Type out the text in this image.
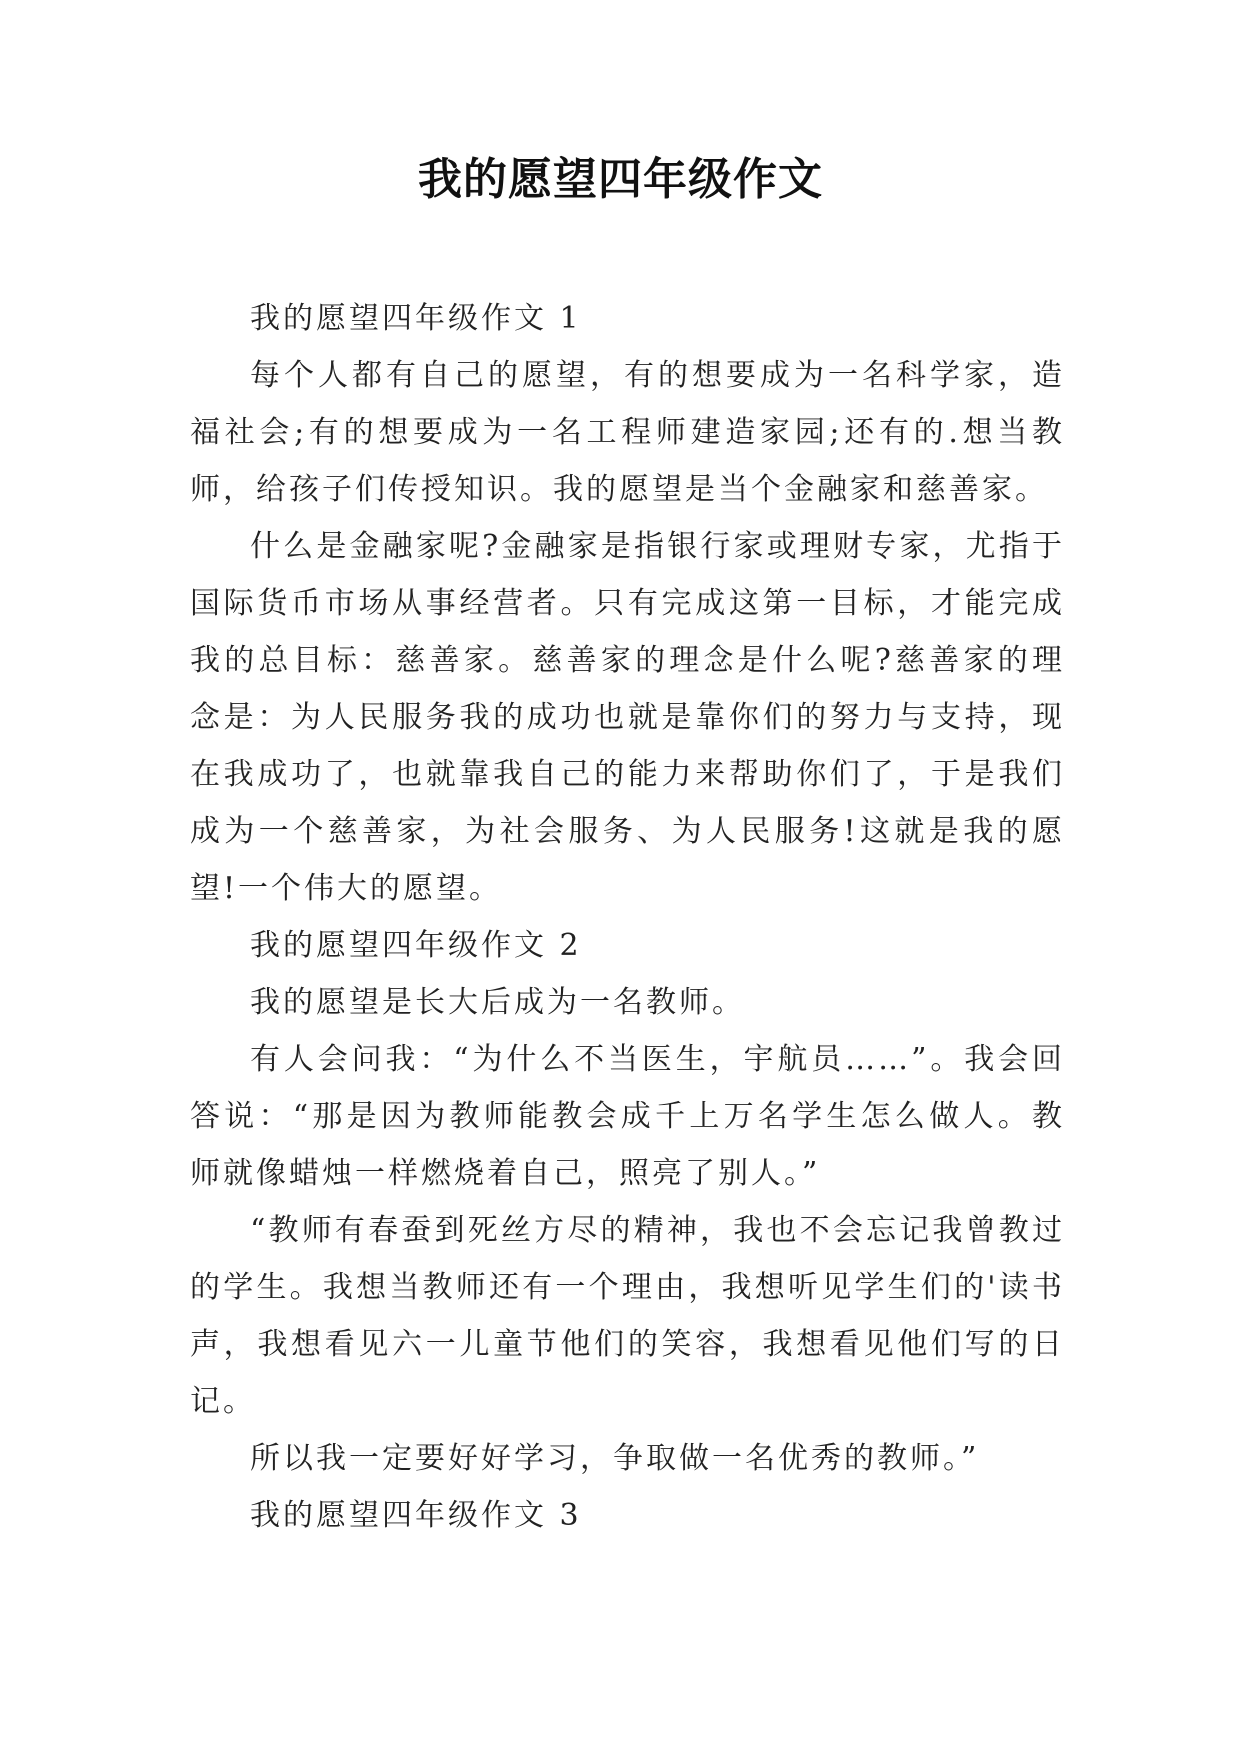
我的愿望四年级作文

我的愿望四年级作文 1

每个人都有自己的愿望，有的想要成为一名科学家，造福社会;有的想要成为一名工程师建造家园;还有的.想当教师，给孩子们传授知识。我的愿望是当个金融家和慈善家。

什么是金融家呢?金融家是指银行家或理财专家，尤指于国际货币市场从事经营者。只有完成这第一目标，才能完成我的总目标：慈善家。慈善家的理念是什么呢?慈善家的理念是：为人民服务我的成功也就是靠你们的努力与支持，现在我成功了，也就靠我自己的能力来帮助你们了，于是我们成为一个慈善家，为社会服务、为人民服务!这就是我的愿望!一个伟大的愿望。

我的愿望四年级作文 2

我的愿望是长大后成为一名教师。

有人会问我：“为什么不当医生，宇航员……”。我会回答说：“那是因为教师能教会成千上万名学生怎么做人。教师就像蜡烛一样燃烧着自己，照亮了别人。”

“教师有春蚕到死丝方尽的精神，我也不会忘记我曾教过的学生。我想当教师还有一个理由，我想听见学生们的'读书声，我想看见六一儿童节他们的笑容，我想看见他们写的日记。

所以我一定要好好学习，争取做一名优秀的教师。”

我的愿望四年级作文 3
